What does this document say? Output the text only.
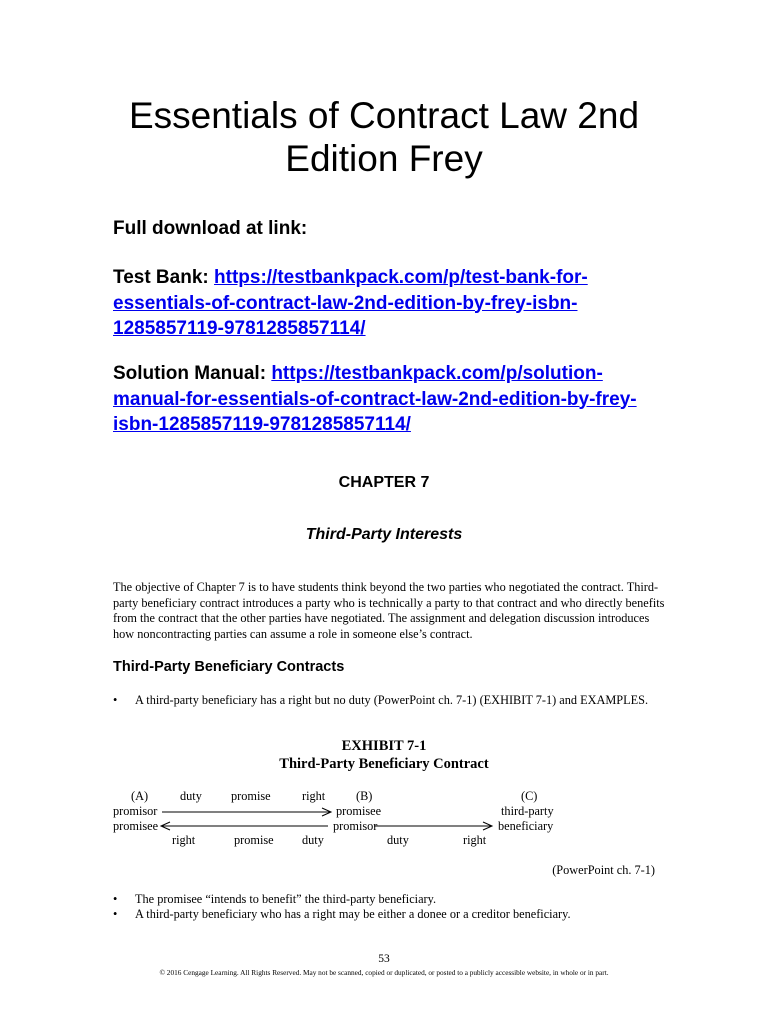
Essentials of Contract Law 2nd Edition Frey
Full download at link:
Test Bank: https://testbankpack.com/p/test-bank-for-essentials-of-contract-law-2nd-edition-by-frey-isbn-1285857119-9781285857114/
Solution Manual: https://testbankpack.com/p/solution-manual-for-essentials-of-contract-law-2nd-edition-by-frey-isbn-1285857119-9781285857114/
CHAPTER 7
Third-Party Interests
The objective of Chapter 7 is to have students think beyond the two parties who negotiated the contract. Third-party beneficiary contract introduces a party who is technically a party to that contract and who directly benefits from the contract that the other parties have negotiated. The assignment and delegation discussion introduces how noncontracting parties can assume a role in someone else’s contract.
Third-Party Beneficiary Contracts
•	A third-party beneficiary has a right but no duty (PowerPoint ch. 7-1) (EXHIBIT 7-1) and EXAMPLES.
EXHIBIT 7-1
Third-Party Beneficiary Contract
(A)	duty promise	right	(B)	(C)
promisor	promisee	third-party
promisee	promisor	beneficiary
right	promise duty	duty	right
(PowerPoint ch. 7-1)
•	The promisee “intends to benefit” the third-party beneficiary.
•	A third-party beneficiary who has a right may be either a donee or a creditor beneficiary.
53
© 2016 Cengage Learning. All Rights Reserved. May not be scanned, copied or duplicated, or posted to a publicly accessible website, in whole or in part.
